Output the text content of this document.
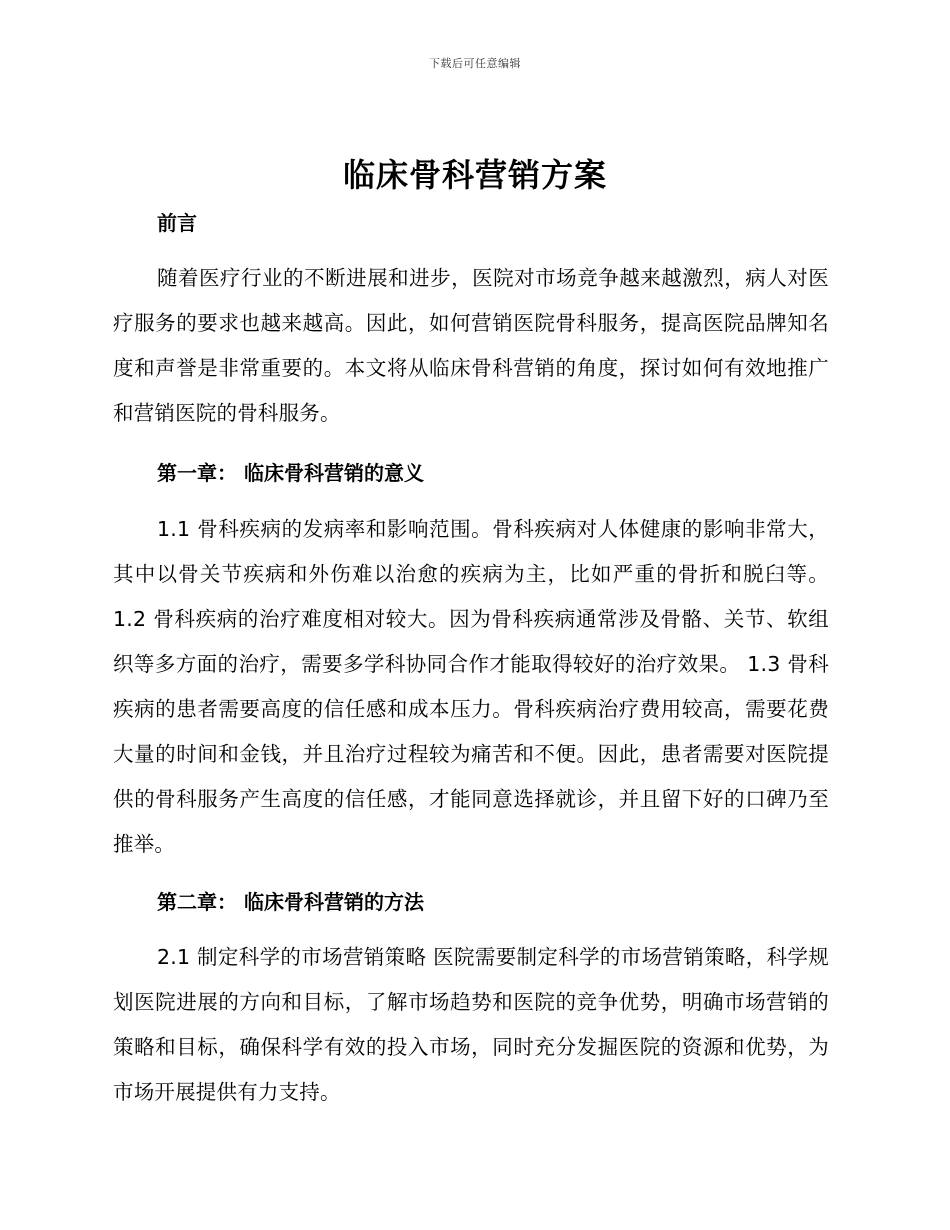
下载后可任意编辑
临床骨科营销方案
前言

随着医疗行业的不断进展和进步，医院对市场竞争越来越激烈，病人对医疗服务的要求也越来越高。因此，如何营销医院骨科服务，提高医院品牌知名度和声誉是非常重要的。本文将从临床骨科营销的角度，探讨如何有效地推广和营销医院的骨科服务。

第一章： 临床骨科营销的意义

1.1 骨科疾病的发病率和影响范围。骨科疾病对人体健康的影响非常大，其中以骨关节疾病和外伤难以治愈的疾病为主，比如严重的骨折和脱臼等。 1.2 骨科疾病的治疗难度相对较大。因为骨科疾病通常涉及骨骼、关节、软组织等多方面的治疗，需要多学科协同合作才能取得较好的治疗效果。 1.3 骨科疾病的患者需要高度的信任感和成本压力。骨科疾病治疗费用较高，需要花费大量的时间和金钱，并且治疗过程较为痛苦和不便。因此，患者需要对医院提供的骨科服务产生高度的信任感，才能同意选择就诊，并且留下好的口碑乃至推举。

第二章： 临床骨科营销的方法

2.1 制定科学的市场营销策略 医院需要制定科学的市场营销策略，科学规划医院进展的方向和目标，了解市场趋势和医院的竞争优势，明确市场营销的策略和目标，确保科学有效的投入市场，同时充分发掘医院的资源和优势，为市场开展提供有力支持。
